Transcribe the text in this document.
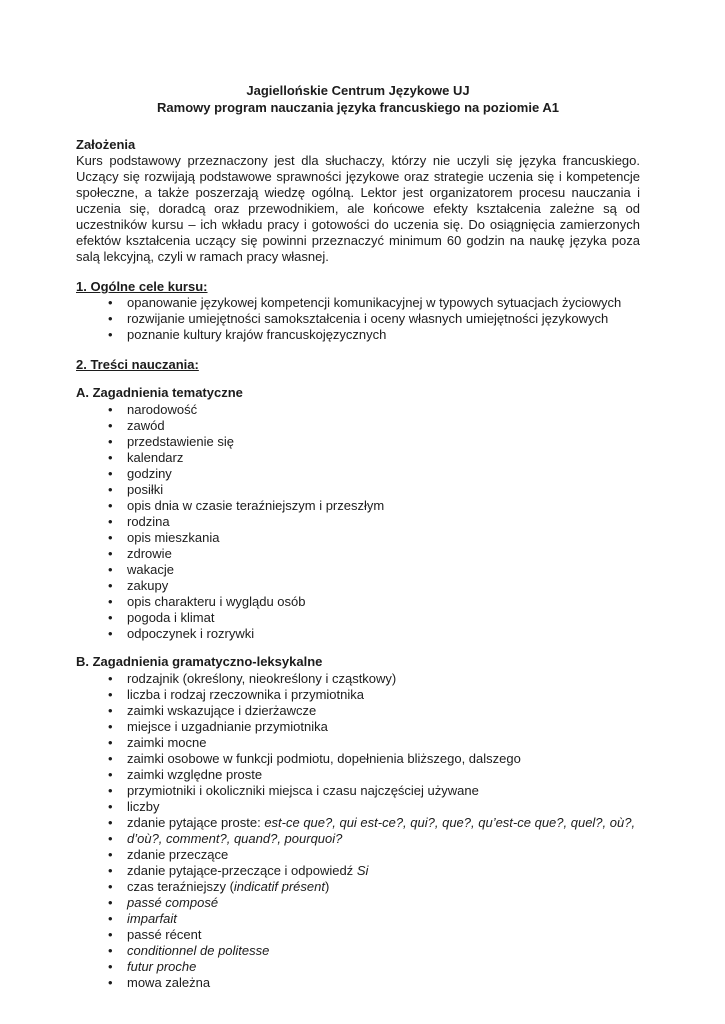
Jagiellońskie Centrum Językowe UJ
Ramowy program nauczania języka francuskiego na poziomie A1
Założenia

Kurs podstawowy przeznaczony jest dla słuchaczy, którzy nie uczyli się języka francuskiego. Uczący się rozwijają podstawowe sprawności językowe oraz strategie uczenia się i kompetencje społeczne, a także poszerzają wiedzę ogólną. Lektor jest organizatorem procesu nauczania i uczenia się, doradcą oraz przewodnikiem, ale końcowe efekty kształcenia zależne są od uczestników kursu – ich wkładu pracy i gotowości do uczenia się. Do osiągnięcia zamierzonych efektów kształcenia uczący się powinni przeznaczyć minimum 60 godzin na naukę języka poza salą lekcyjną, czyli w ramach pracy własnej.

1. Ogólne cele kursu:
• opanowanie językowej kompetencji komunikacyjnej w typowych sytuacjach życiowych
• rozwijanie umiejętności samokształcenia i oceny własnych umiejętności językowych
• poznanie kultury krajów francuskojęzycznych
2. Treści nauczania:
A. Zagadnienia tematyczne
• narodowość
• zawód
• przedstawienie się
• kalendarz
• godziny
• posiłki
• opis dnia w czasie teraźniejszym i przeszłym
• rodzina
• opis mieszkania
• zdrowie
• wakacje
• zakupy
• opis charakteru i wyglądu osób
• pogoda i klimat
• odpoczynek i rozrywki
B. Zagadnienia gramatyczno-leksykalne
• rodzajnik (określony, nieokreślony i cząstkowy)
• liczba i rodzaj rzeczownika i przymiotnika
• zaimki wskazujące i dzierżawcze
• miejsce i uzgadnianie przymiotnika
• zaimki mocne
• zaimki osobowe w funkcji podmiotu, dopełnienia bliższego, dalszego
• zaimki względne proste
• przymiotniki i okoliczniki miejsca i czasu najczęściej używane
• liczby
• zdanie pytające proste: est-ce que?, qui est-ce?, qui?, que?, qu’est-ce que?, quel?, où?,
• d’où?, comment?, quand?, pourquoi?
• zdanie przeczące
• zdanie pytające-przeczące i odpowiedź Si
• czas teraźniejszy (indicatif présent)
• passé composé
• imparfait
• passé récent
• conditionnel de politesse
• futur proche
• mowa zależna
